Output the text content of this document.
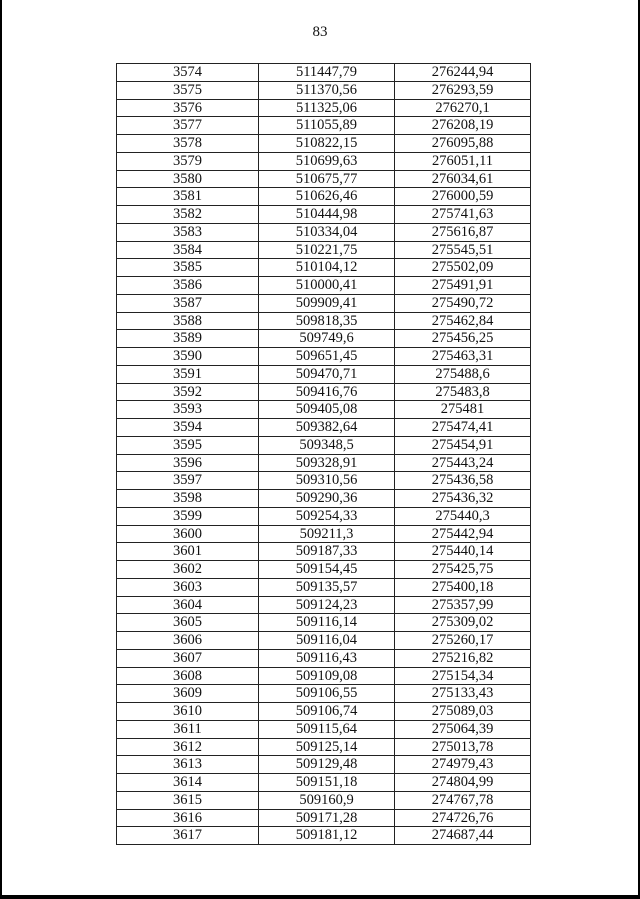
83
3574	511447,79	276244,94
3575	511370,56	276293,59
3576	511325,06	276270,1
3577	511055,89	276208,19
3578	510822,15	276095,88
3579	510699,63	276051,11
3580	510675,77	276034,61
3581	510626,46	276000,59
3582	510444,98	275741,63
3583	510334,04	275616,87
3584	510221,75	275545,51
3585	510104,12	275502,09
3586	510000,41	275491,91
3587	509909,41	275490,72
3588	509818,35	275462,84
3589	509749,6	275456,25
3590	509651,45	275463,31
3591	509470,71	275488,6
3592	509416,76	275483,8
3593	509405,08	275481
3594	509382,64	275474,41
3595	509348,5	275454,91
3596	509328,91	275443,24
3597	509310,56	275436,58
3598	509290,36	275436,32
3599	509254,33	275440,3
3600	509211,3	275442,94
3601	509187,33	275440,14
3602	509154,45	275425,75
3603	509135,57	275400,18
3604	509124,23	275357,99
3605	509116,14	275309,02
3606	509116,04	275260,17
3607	509116,43	275216,82
3608	509109,08	275154,34
3609	509106,55	275133,43
3610	509106,74	275089,03
3611	509115,64	275064,39
3612	509125,14	275013,78
3613	509129,48	274979,43
3614	509151,18	274804,99
3615	509160,9	274767,78
3616	509171,28	274726,76
3617	509181,12	274687,44
